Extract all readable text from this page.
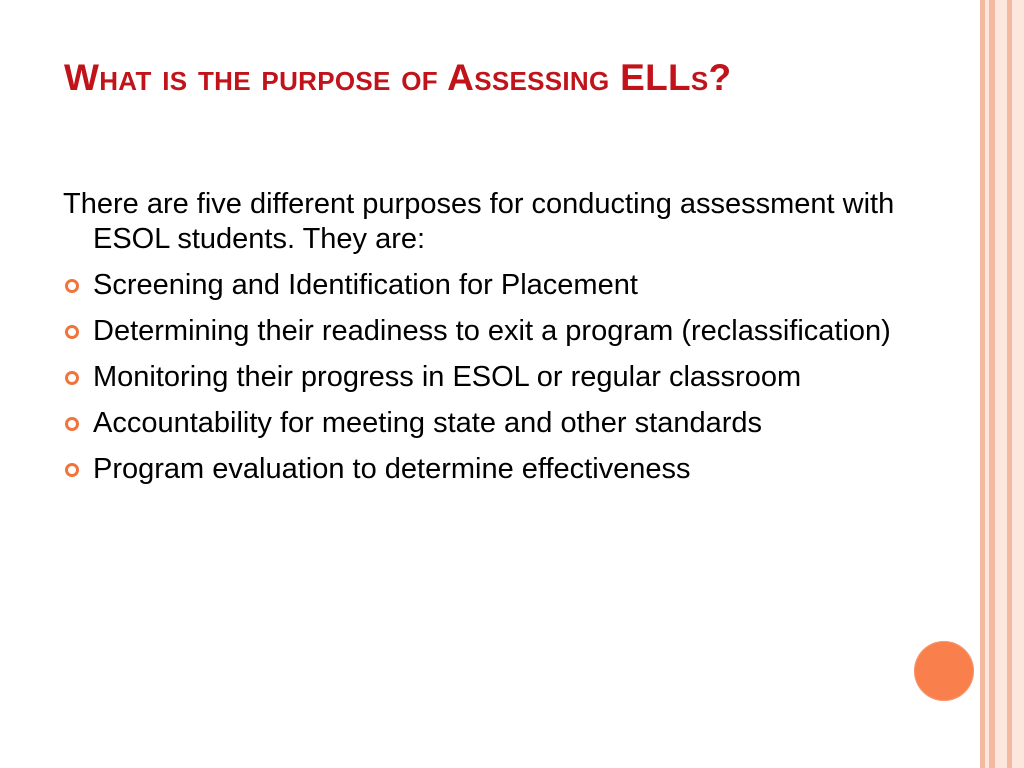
What is the purpose of Assessing ELLs?

There are five different purposes for conducting assessment with ESOL students. They are:

Screening and Identification for Placement
Determining their readiness to exit a program (reclassification)
Monitoring their progress in ESOL or regular classroom
Accountability for meeting state and other standards
Program evaluation to determine effectiveness
